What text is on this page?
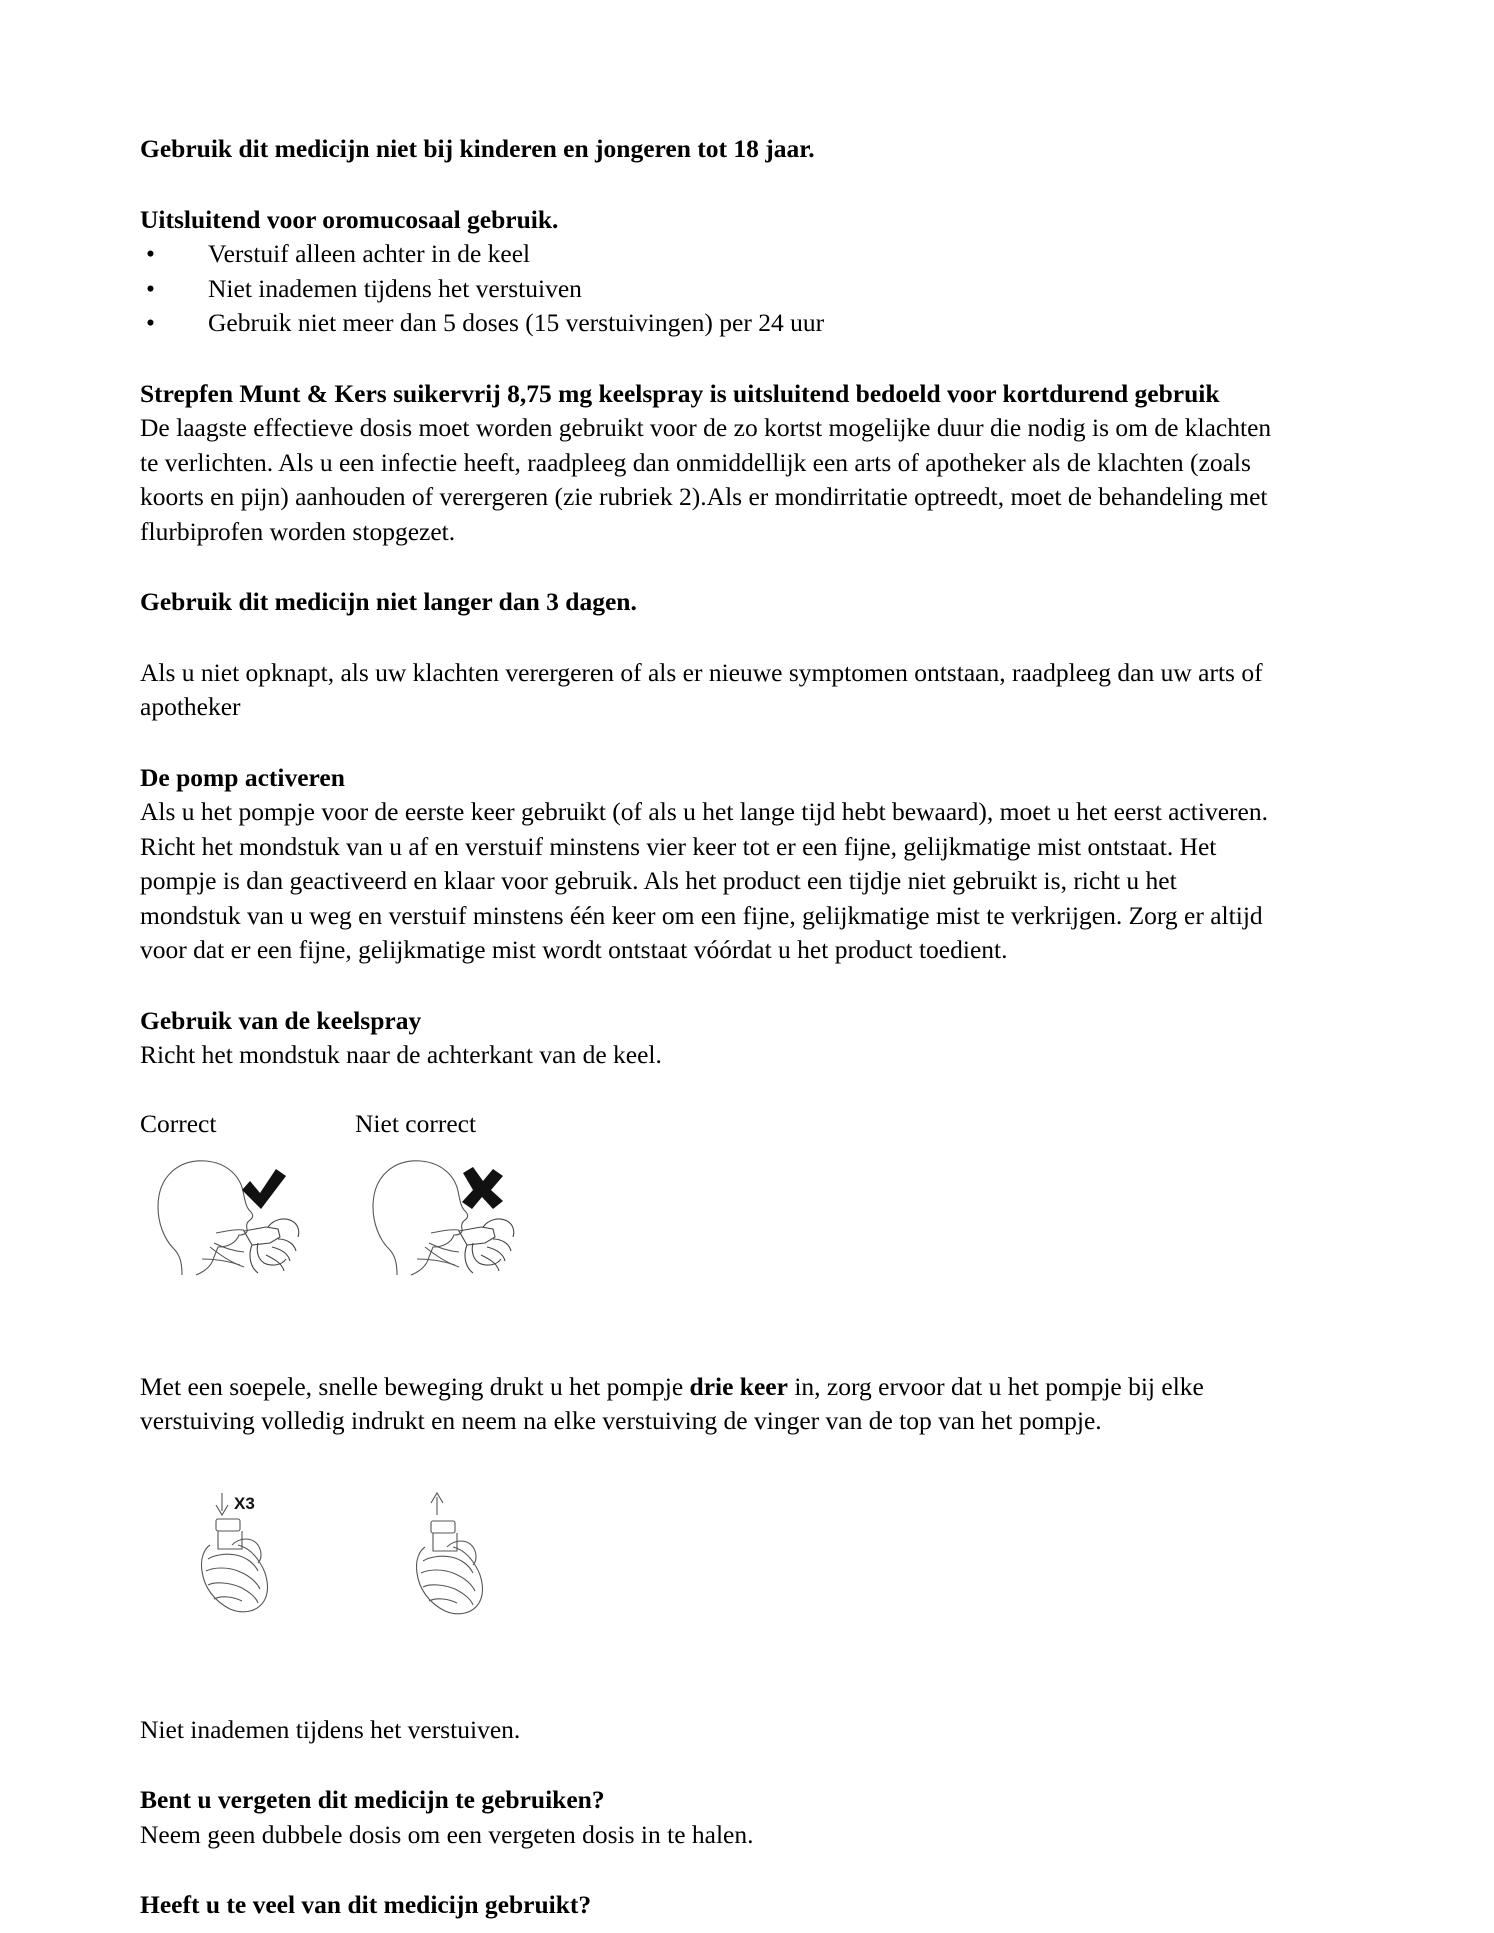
Gebruik dit medicijn niet bij kinderen en jongeren tot 18 jaar.

Uitsluitend voor oromucosaal gebruik.

• Verstuif alleen achter in de keel
• Niet inademen tijdens het verstuiven
• Gebruik niet meer dan 5 doses (15 verstuivingen) per 24 uur

Strepfen Munt & Kers suikervrij 8,75 mg keelspray is uitsluitend bedoeld voor kortdurend gebruik

De laagste effectieve dosis moet worden gebruikt voor de zo kortst mogelijke duur die nodig is om de klachten te verlichten. Als u een infectie heeft, raadpleeg dan onmiddellijk een arts of apotheker als de klachten (zoals koorts en pijn) aanhouden of verergeren (zie rubriek 2).Als er mondirritatie optreedt, moet de behandeling met flurbiprofen worden stopgezet.

Gebruik dit medicijn niet langer dan 3 dagen.

Als u niet opknapt, als uw klachten verergeren of als er nieuwe symptomen ontstaan, raadpleeg dan uw arts of apotheker

De pomp activeren

Als u het pompje voor de eerste keer gebruikt (of als u het lange tijd hebt bewaard), moet u het eerst activeren.

Richt het mondstuk van u af en verstuif minstens vier keer tot er een fijne, gelijkmatige mist ontstaat. Het pompje is dan geactiveerd en klaar voor gebruik. Als het product een tijdje niet gebruikt is, richt u het mondstuk van u weg en verstuif minstens één keer om een fijne, gelijkmatige mist te verkrijgen. Zorg er altijd voor dat er een fijne, gelijkmatige mist wordt ontstaat vóórdat u het product toedient.

Gebruik van de keelspray

Richt het mondstuk naar de achterkant van de keel.

Correct	Niet correct

Met een soepele, snelle beweging drukt u het pompje drie keer in, zorg ervoor dat u het pompje bij elke verstuiving volledig indrukt en neem na elke verstuiving de vinger van de top van het pompje.

X3

Niet inademen tijdens het verstuiven.

Bent u vergeten dit medicijn te gebruiken?

Neem geen dubbele dosis om een vergeten dosis in te halen.

Heeft u te veel van dit medicijn gebruikt?
